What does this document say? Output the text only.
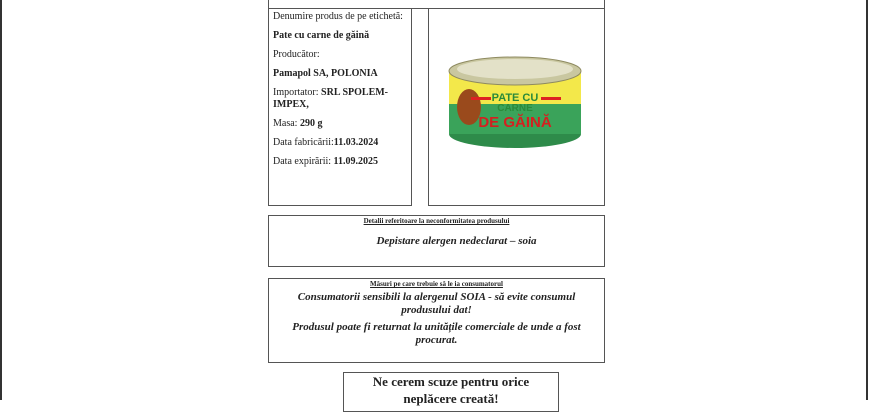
Denumire produs de pe etichetă:

Pate cu carne de găină

Producător:

Pamapol SA, POLONIA

Importator: SRL SPOLEM-IMPEX,

Masa: 290 g

Data fabricării:11.03.2024

Data expirării: 11.09.2025

PATE CU
CARNE
DE GĂINĂ
Detalii referitoare la neconformitatea produsului
Depistare alergen nedeclarat – soia
Măsuri pe care trebuie să le ia consumatorul
Consumatorii sensibili la alergenul SOIA - să evite consumul produsului dat!
Produsul poate fi returnat la unitățile comerciale de unde a fost procurat.
Ne cerem scuze pentru orice neplăcere creată!
